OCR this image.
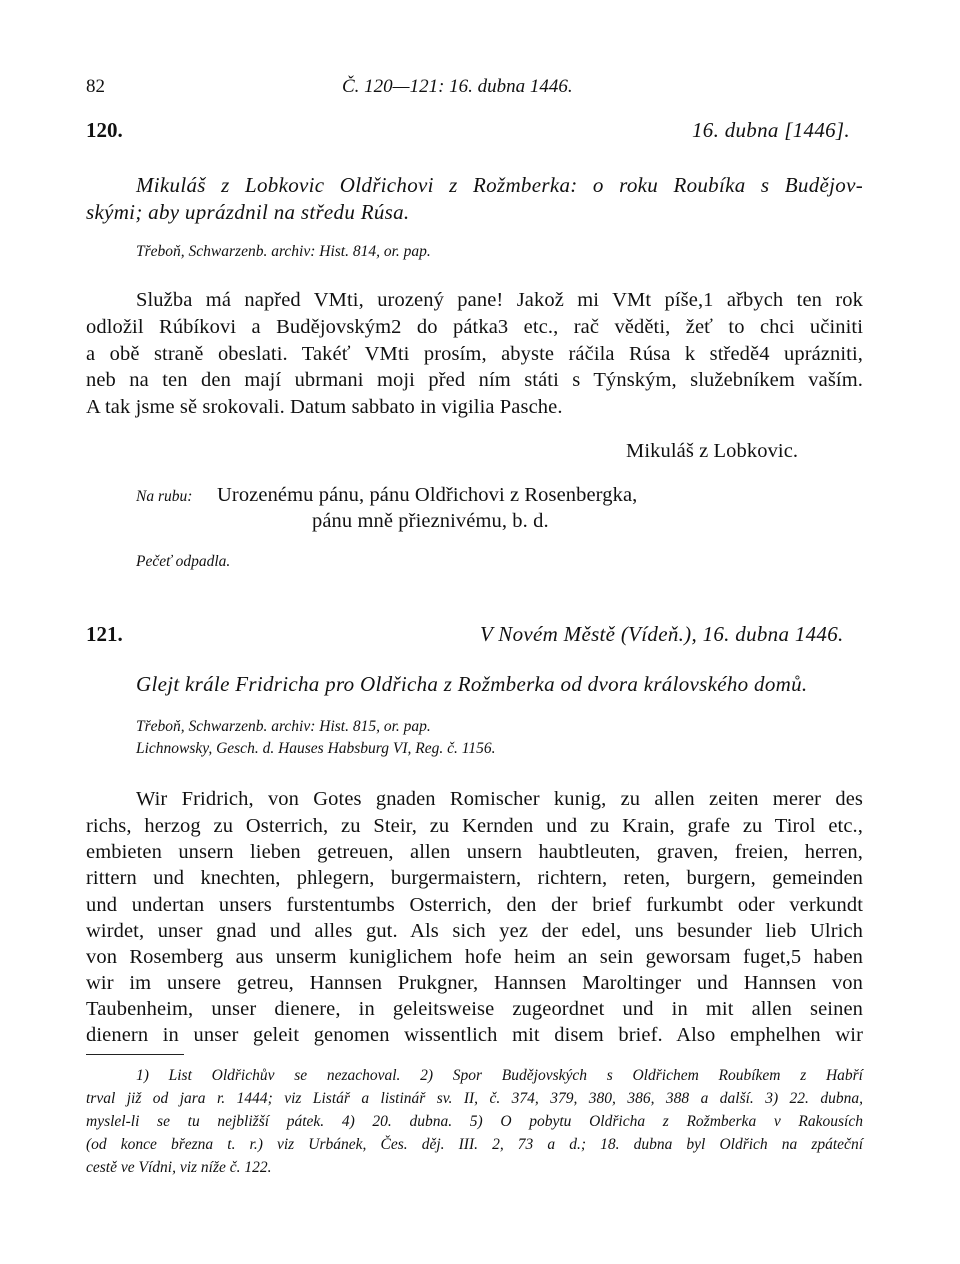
82	Č. 120—121: 16. dubna 1446.
120.	16. dubna [1446].
Mikuláš z Lobkovic Oldřichovi z Rožmberka: o roku Roubíka s Budějov-
skými; aby uprázdnil na středu Rúsa.
Třeboň, Schwarzenb. archiv: Hist. 814, or. pap.
Služba má napřed VMti, urozený pane! Jakož mi VMt píše,1 ařbych ten rok
odložil Rúbíkovi a Budějovským2 do pátka3 etc., rač věděti, žeť to chci učiniti
a obě straně obeslati. Takéť VMti prosím, abyste ráčila Rúsa k středě4 uprázniti,
neb na ten den mají ubrmani moji před ním státi s Týnským, služebníkem vaším.
A tak jsme sě srokovali. Datum sabbato in vigilia Pasche.
Mikuláš z Lobkovic.
Na rubu: Urozenému pánu, pánu Oldřichovi z Rosenbergka,
pánu mně přieznivému, b. d.
Pečeť odpadla.
121.	V Novém Městě (Vídeň.), 16. dubna 1446.
Glejt krále Fridricha pro Oldřicha z Rožmberka od dvora královského domů.
Třeboň, Schwarzenb. archiv: Hist. 815, or. pap.
Lichnowsky, Gesch. d. Hauses Habsburg VI, Reg. č. 1156.
Wir Fridrich, von Gotes gnaden Romischer kunig, zu allen zeiten merer des
richs, herzog zu Osterrich, zu Steir, zu Kernden und zu Krain, grafe zu Tirol etc.,
embieten unsern lieben getreuen, allen unsern haubtleuten, graven, freien, herren,
rittern und knechten, phlegern, burgermaistern, richtern, reten, burgern, gemeinden
und undertan unsers furstentumbs Osterrich, den der brief furkumbt oder verkundt
wirdet, unser gnad und alles gut. Als sich yez der edel, uns besunder lieb Ulrich
von Rosemberg aus unserm kuniglichem hofe heim an sein geworsam fuget,5 haben
wir im unsere getreu, Hannsen Prukgner, Hannsen Maroltinger und Hannsen von
Taubenheim, unser dienere, in geleitsweise zugeordnet und in mit allen seinen
dienern in unser geleit genomen wissentlich mit disem brief. Also emphelhen wir
1) List Oldřichův se nezachoval. 2) Spor Budějovských s Oldřichem Roubíkem z Habří
trval již od jara r. 1444; viz Listář a listinář sv. II, č. 374, 379, 380, 386, 388 a další. 3) 22. dubna,
myslel-li se tu nejbližší pátek. 4) 20. dubna. 5) O pobytu Oldřicha z Rožmberka v Rakousích
(od konce března t. r.) viz Urbánek, Čes. děj. III. 2, 73 a d.; 18. dubna byl Oldřich na zpáteční
cestě ve Vídni, viz níže č. 122.
